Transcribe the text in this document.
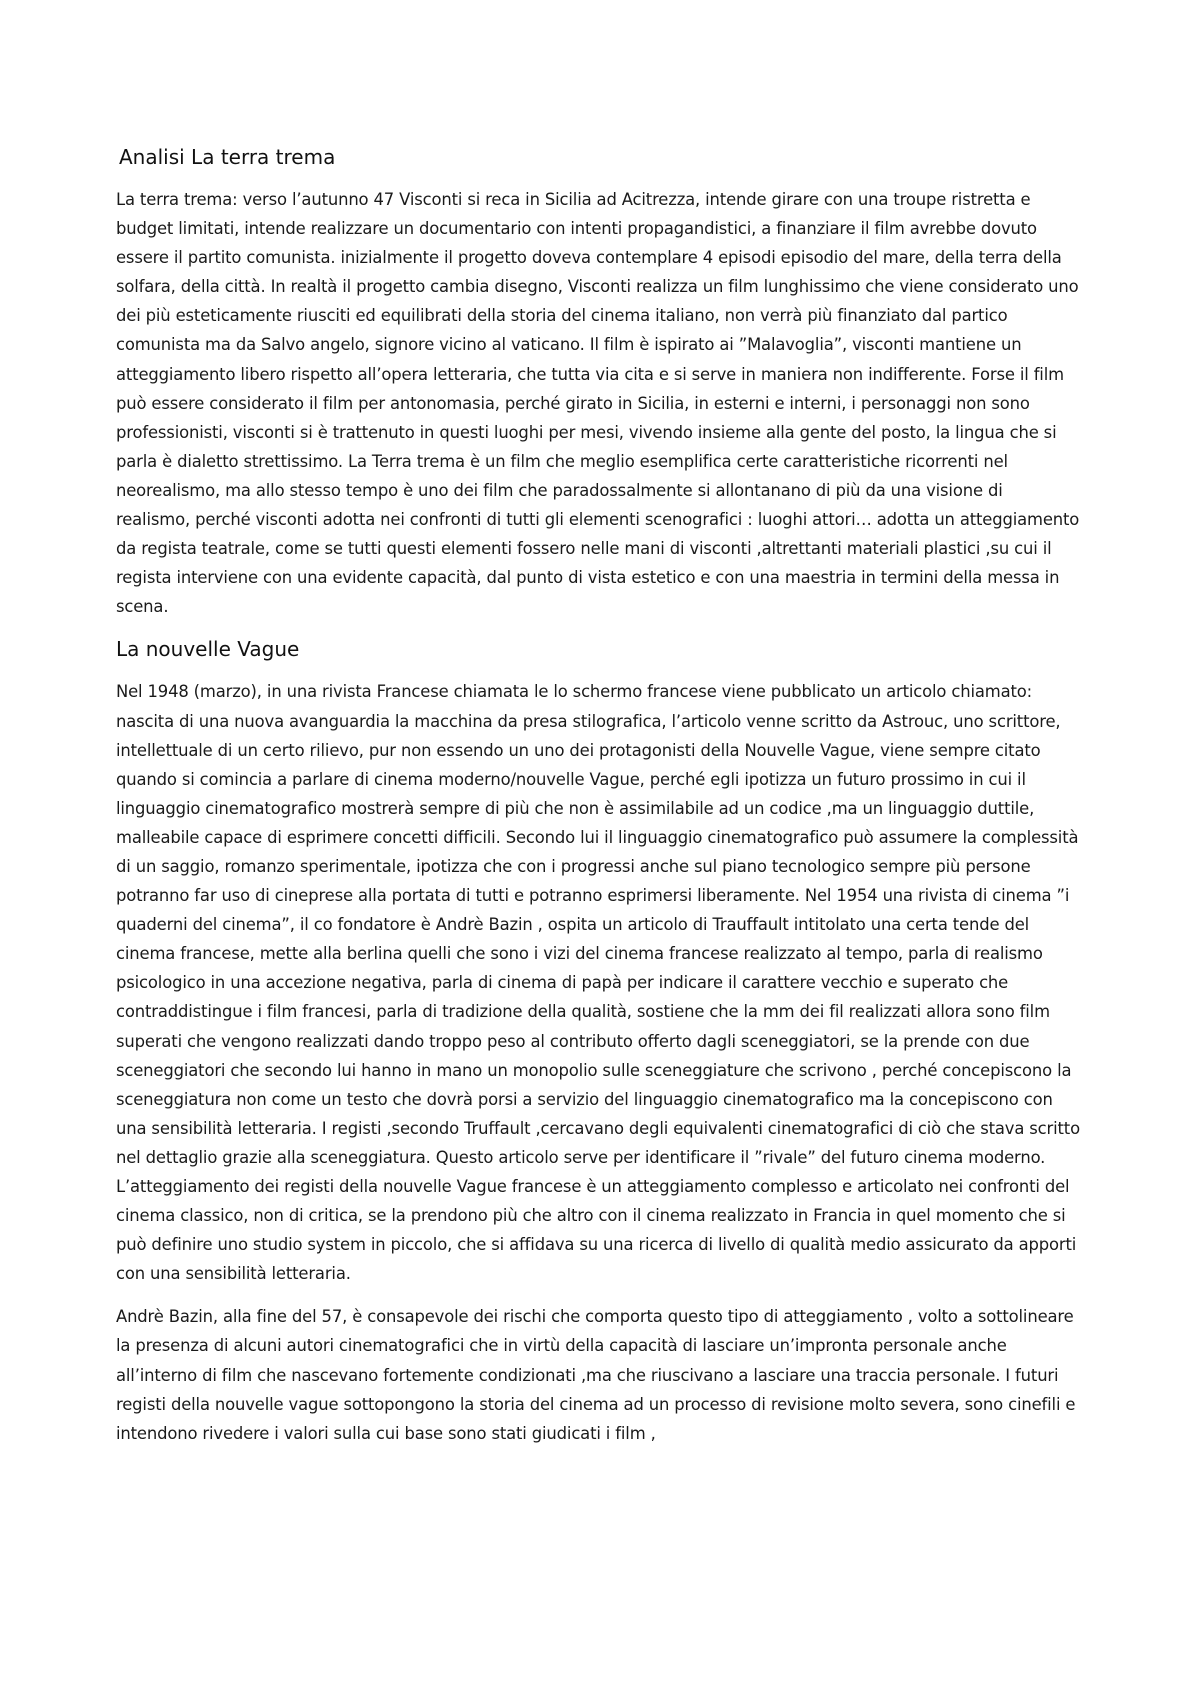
Analisi La terra trema

La terra trema: verso l’autunno 47 Visconti si reca in Sicilia ad Acitrezza, intende girare con una troupe ristretta e budget limitati, intende realizzare un documentario con intenti propagandistici, a finanziare il film avrebbe dovuto essere il partito comunista. inizialmente il progetto doveva contemplare 4 episodi episodio del mare, della terra della solfara, della città. In realtà il progetto cambia disegno, Visconti realizza un film lunghissimo che viene considerato uno dei più esteticamente riusciti ed equilibrati della storia del cinema italiano, non verrà più finanziato dal partico comunista ma da Salvo angelo, signore vicino al vaticano. Il film è ispirato ai ”Malavoglia”, visconti mantiene un atteggiamento libero rispetto all’opera letteraria, che tutta via cita e si serve in maniera non indifferente. Forse il film può essere considerato il film per antonomasia, perché girato in Sicilia, in esterni e interni, i personaggi non sono professionisti, visconti si è trattenuto in questi luoghi per mesi, vivendo insieme alla gente del posto, la lingua che si parla è dialetto strettissimo. La Terra trema è un film che meglio esemplifica certe caratteristiche ricorrenti nel neorealismo, ma allo stesso tempo è uno dei film che paradossalmente si allontanano di più da una visione di realismo, perché visconti adotta nei confronti di tutti gli elementi scenografici : luoghi attori… adotta un atteggiamento da regista teatrale, come se tutti questi elementi fossero nelle mani di visconti ,altrettanti materiali plastici ,su cui il regista interviene con una evidente capacità, dal punto di vista estetico e con una maestria in termini della messa in scena.

La nouvelle Vague

Nel 1948 (marzo), in una rivista Francese chiamata le lo schermo francese viene pubblicato un articolo chiamato: nascita di una nuova avanguardia la macchina da presa stilografica, l’articolo venne scritto da Astrouc, uno scrittore, intellettuale di un certo rilievo, pur non essendo un uno dei protagonisti della Nouvelle Vague, viene sempre citato quando si comincia a parlare di cinema moderno/nouvelle Vague, perché egli ipotizza un futuro prossimo in cui il linguaggio cinematografico mostrerà sempre di più che non è assimilabile ad un codice ,ma un linguaggio duttile, malleabile capace di esprimere concetti difficili. Secondo lui il linguaggio cinematografico può assumere la complessità di un saggio, romanzo sperimentale, ipotizza che con i progressi anche sul piano tecnologico sempre più persone potranno far uso di cineprese alla portata di tutti e potranno esprimersi liberamente. Nel 1954 una rivista di cinema ”i quaderni del cinema”, il co fondatore è Andrè Bazin , ospita un articolo di Trauffault intitolato una certa tende del cinema francese, mette alla berlina quelli che sono i vizi del cinema francese realizzato al tempo, parla di realismo psicologico in una accezione negativa, parla di cinema di papà per indicare il carattere vecchio e superato che contraddistingue i film francesi, parla di tradizione della qualità, sostiene che la mm dei fil realizzati allora sono film superati che vengono realizzati dando troppo peso al contributo offerto dagli sceneggiatori, se la prende con due sceneggiatori che secondo lui hanno in mano un monopolio sulle sceneggiature che scrivono , perché concepiscono la sceneggiatura non come un testo che dovrà porsi a servizio del linguaggio cinematografico ma la concepiscono con una sensibilità letteraria. I registi ,secondo Truffault ,cercavano degli equivalenti cinematografici di ciò che stava scritto nel dettaglio grazie alla sceneggiatura. Questo articolo serve per identificare il ”rivale” del futuro cinema moderno. L’atteggiamento dei registi della nouvelle Vague francese è un atteggiamento complesso e articolato nei confronti del cinema classico, non di critica, se la prendono più che altro con il cinema realizzato in Francia in quel momento che si può definire uno studio system in piccolo, che si affidava su una ricerca di livello di qualità medio assicurato da apporti con una sensibilità letteraria.

Andrè Bazin, alla fine del 57, è consapevole dei rischi che comporta questo tipo di atteggiamento , volto a sottolineare la presenza di alcuni autori cinematografici che in virtù della capacità di lasciare un’impronta personale anche all’interno di film che nascevano fortemente condizionati ,ma che riuscivano a lasciare una traccia personale. I futuri registi della nouvelle vague sottopongono la storia del cinema ad un processo di revisione molto severa, sono cinefili e intendono rivedere i valori sulla cui base sono stati giudicati i film ,
